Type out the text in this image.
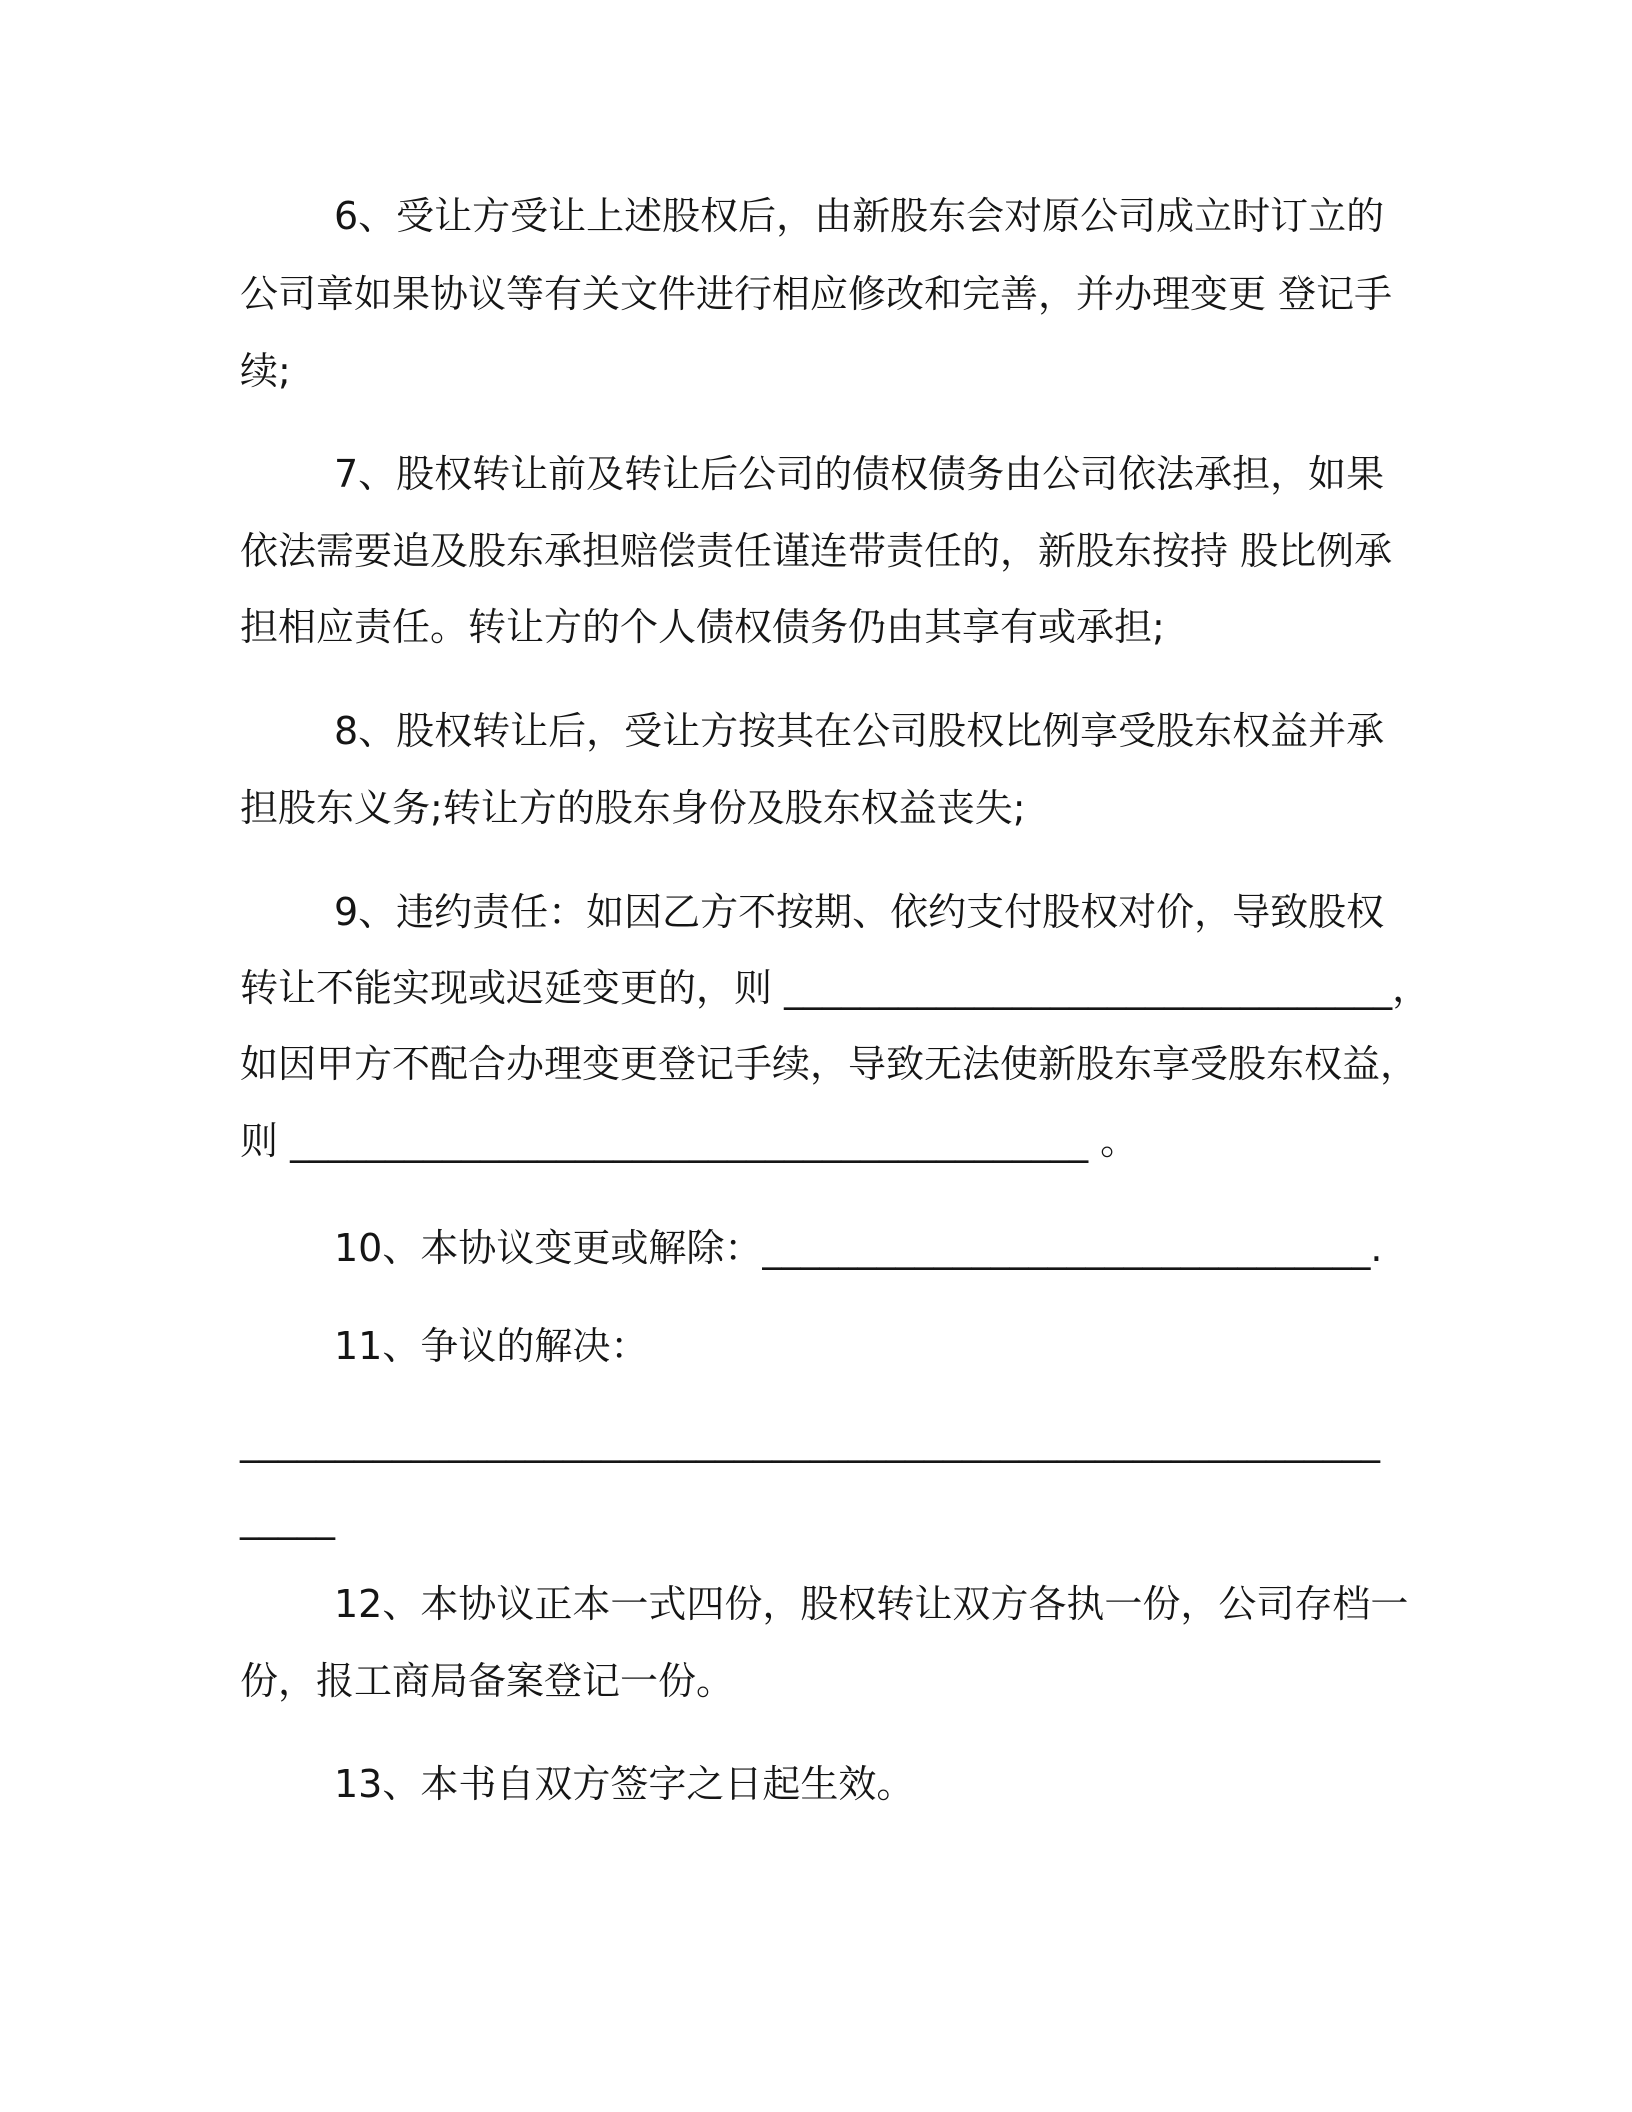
6、受让方受让上述股权后，由新股东会对原公司成立时订立的
公司章如果协议等有关文件进行相应修改和完善，并办理变更 登记手
续;
7、股权转让前及转让后公司的债权债务由公司依法承担，如果
依法需要追及股东承担赔偿责任谨连带责任的，新股东按持 股比例承
担相应责任。转让方的个人债权债务仍由其享有或承担;
8、股权转让后，受让方按其在公司股权比例享受股东权益并承
担股东义务;转让方的股东身份及股东权益丧失;
9、违约责任：如因乙方不按期、依约支付股权对价，导致股权
转让不能实现或迟延变更的，则 ________________________________，
如因甲方不配合办理变更登记手续，导致无法使新股东享受股东权益，
则 __________________________________________ 。
10、本协议变更或解除：________________________________.
11、争议的解决：
____________________________________________________________
_____
12、本协议正本一式四份，股权转让双方各执一份，公司存档一
份，报工商局备案登记一份。
13、本书自双方签字之日起生效。
